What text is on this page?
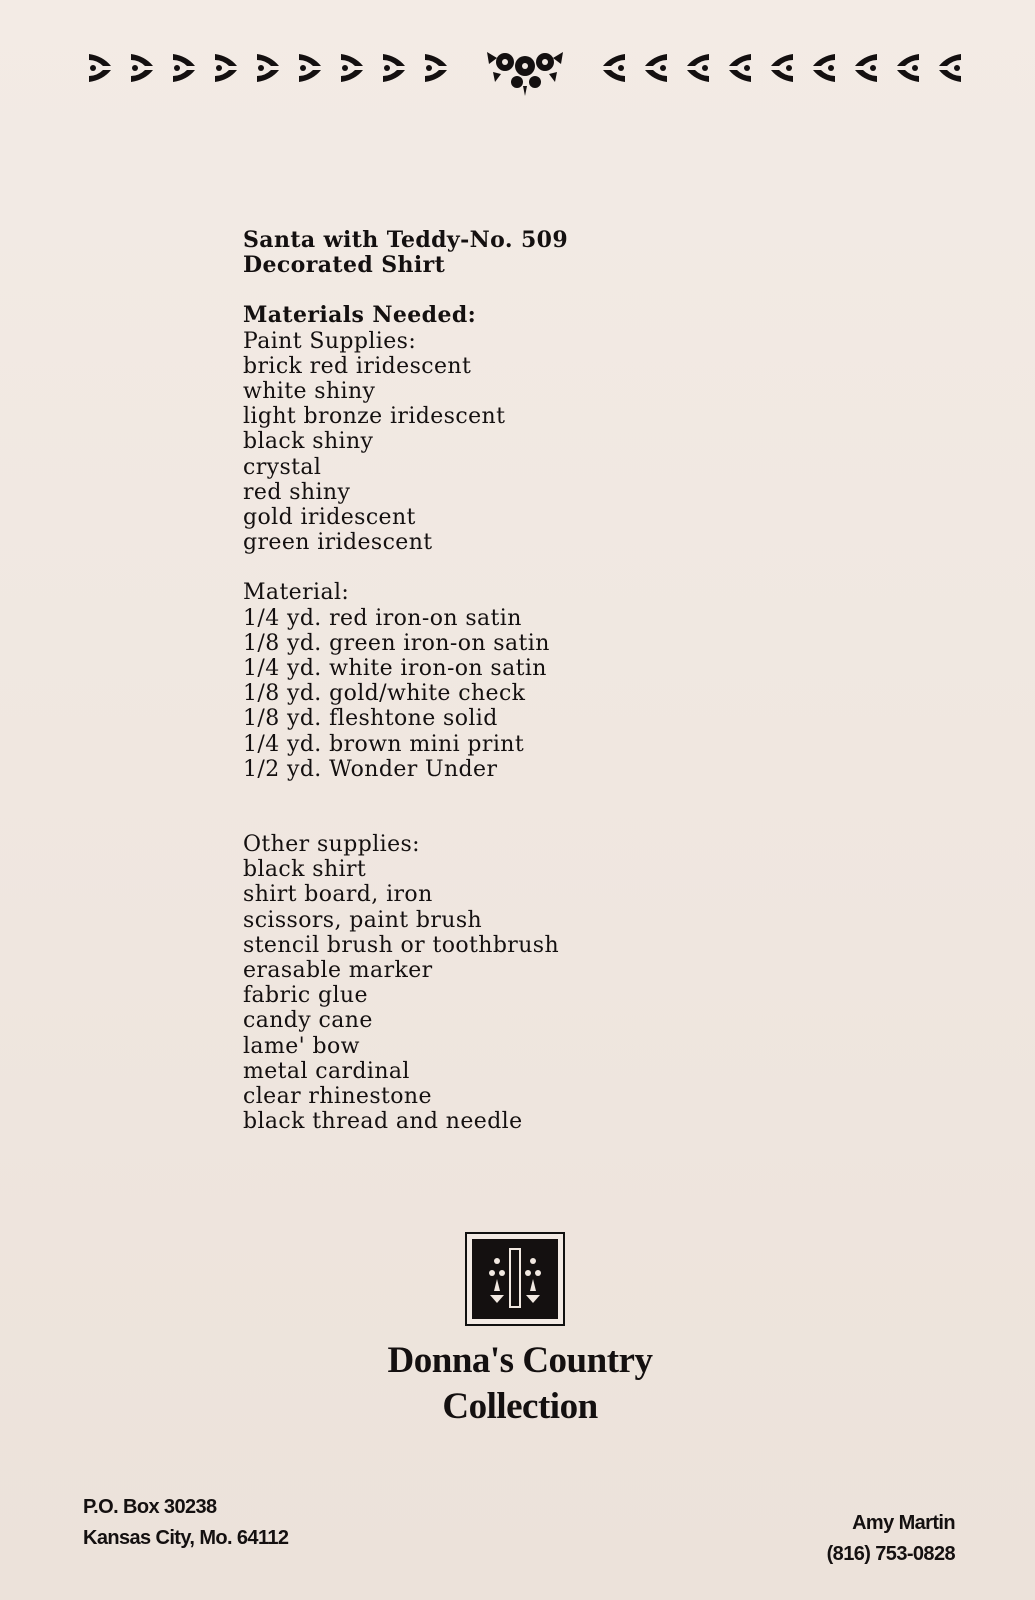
Santa with Teddy-No. 509
Decorated Shirt
Materials Needed:
Paint Supplies:
brick red iridescent
white shiny
light bronze iridescent
black shiny
crystal
red shiny
gold iridescent
green iridescent
Material:
1/4 yd. red iron-on satin
1/8 yd. green iron-on satin
1/4 yd. white iron-on satin
1/8 yd. gold/white check
1/8 yd. fleshtone solid
1/4 yd. brown mini print
1/2 yd. Wonder Under
Other supplies:
black shirt
shirt board, iron
scissors, paint brush
stencil brush or toothbrush
erasable marker
fabric glue
candy cane
lame' bow
metal cardinal
clear rhinestone
black thread and needle
Donna's Country
Collection
P.O. Box 30238
Kansas City, Mo. 64112
Amy Martin
(816) 753-0828
